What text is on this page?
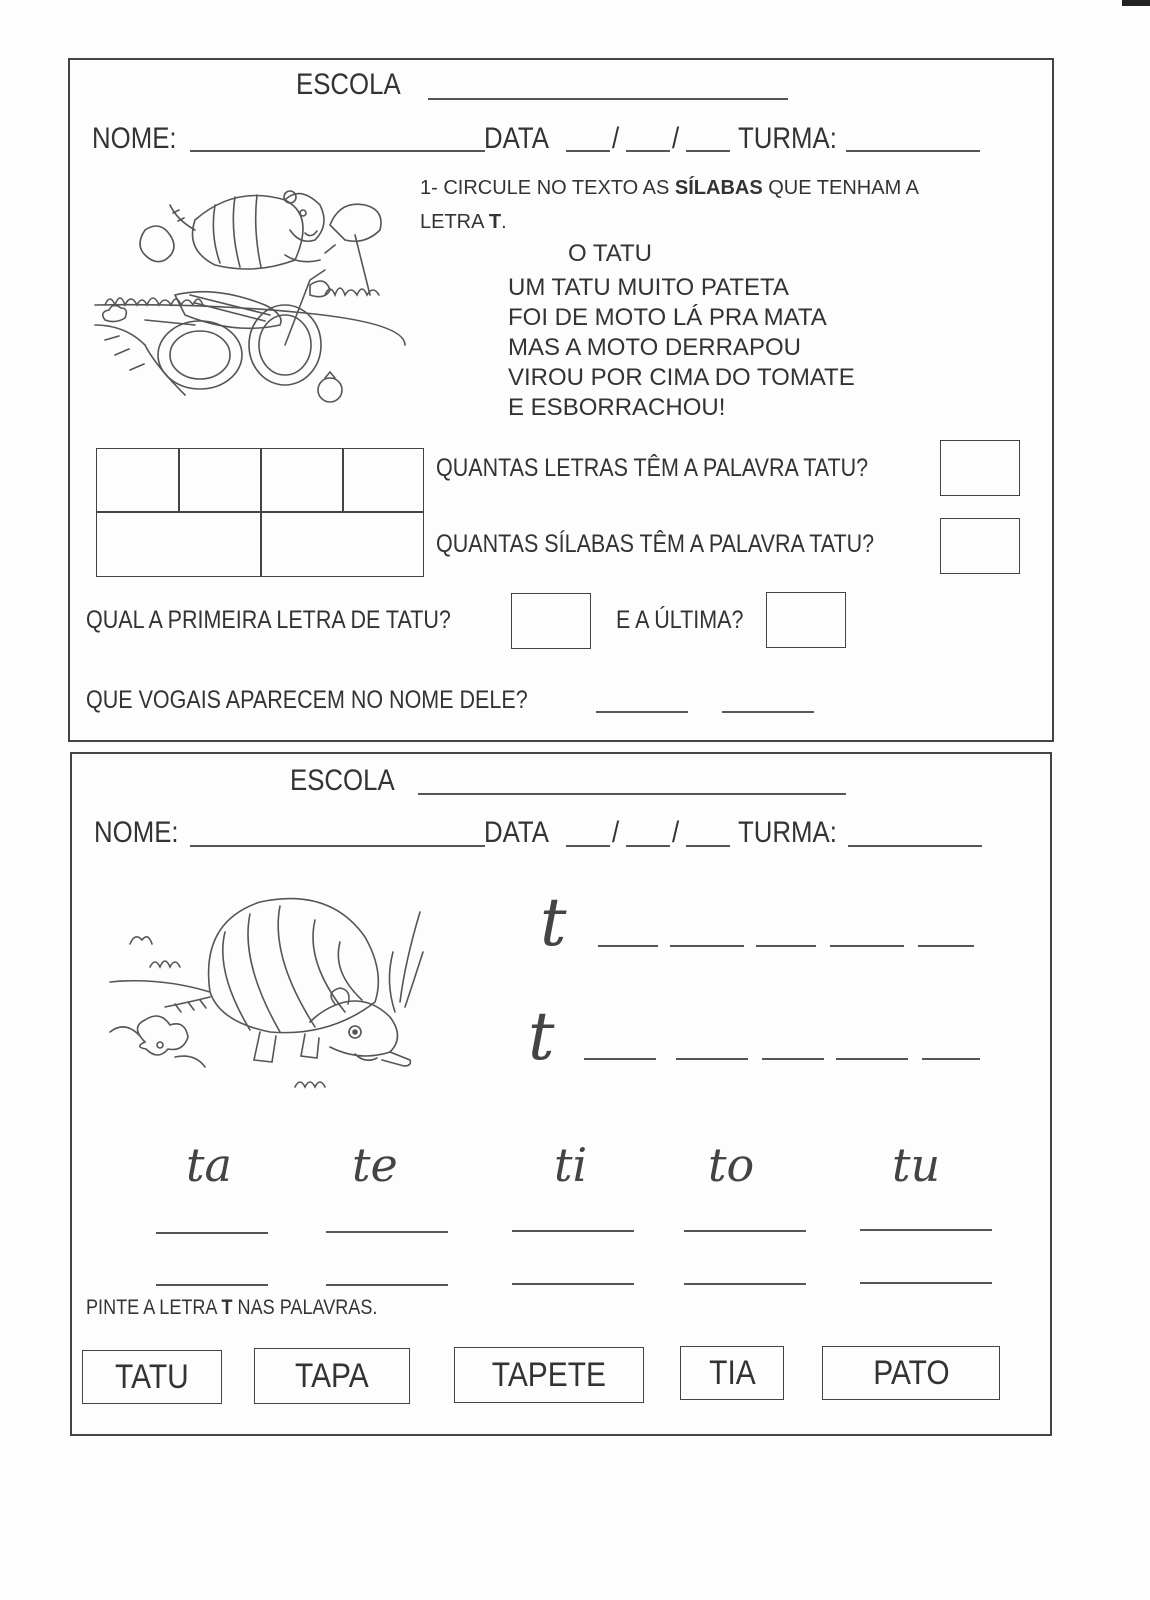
ESCOLA
NOME:	DATA / / TURMA:
1- CIRCULE NO TEXTO AS SÍLABAS QUE TENHAM A
LETRA T.
O TATU
UM TATU MUITO PATETA
FOI DE MOTO LÁ PRA MATA
MAS A MOTO DERRAPOU
VIROU POR CIMA DO TOMATE
E ESBORRACHOU!
QUANTAS LETRAS TÊM A PALAVRA TATU?
QUANTAS SÍLABAS TÊM A PALAVRA TATU?
QUAL A PRIMEIRA LETRA DE TATU?	E A ÚLTIMA?
QUE VOGAIS APARECEM NO NOME DELE?
ESCOLA
NOME:	DATA / / TURMA:
t
t
ta	te	ti	to	tu
PINTE A LETRA T NAS PALAVRAS.
TATU	TAPA	TAPETE	TIA	PATO
